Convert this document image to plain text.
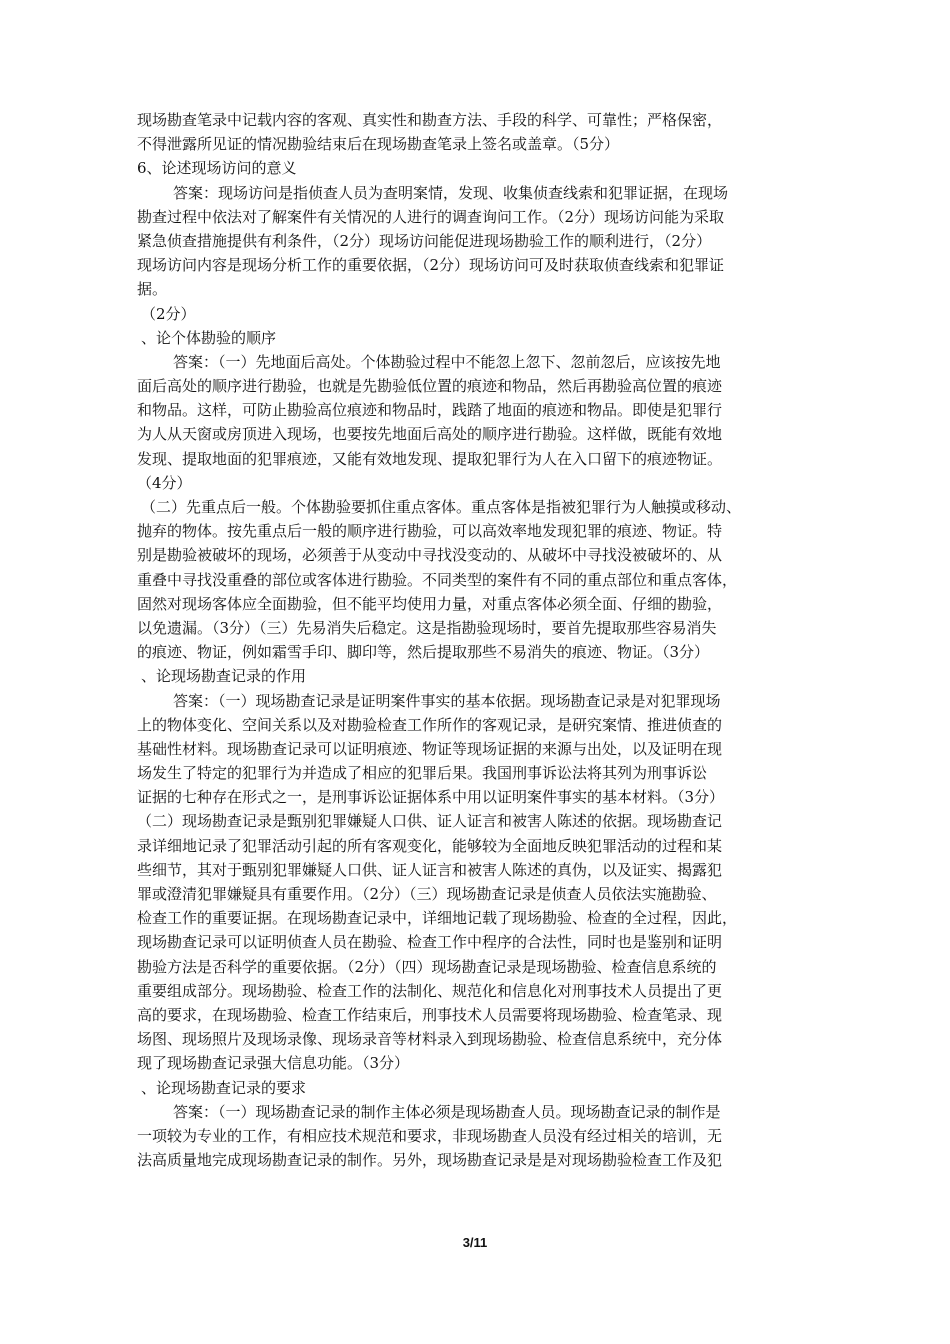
现场勘查笔录中记载内容的客观、真实性和勘查方法、手段的科学、可靠性；严格保密，
不得泄露所见证的情况勘验结束后在现场勘查笔录上签名或盖章。（5分）
6、论述现场访问的意义
答案：现场访问是指侦查人员为查明案情，发现、收集侦查线索和犯罪证据，在现场
勘查过程中依法对了解案件有关情况的人进行的调查询问工作。（2分）现场访问能为采取
紧急侦查措施提供有利条件，（2分）现场访问能促进现场勘验工作的顺利进行，（2分）
现场访问内容是现场分析工作的重要依据，（2分）现场访问可及时获取侦查线索和犯罪证
据。
（2分）
、论个体勘验的顺序
答案：（一）先地面后高处。个体勘验过程中不能忽上忽下、忽前忽后，应该按先地
面后高处的顺序进行勘验，也就是先勘验低位置的痕迹和物品，然后再勘验高位置的痕迹
和物品。这样，可防止勘验高位痕迹和物品时，践踏了地面的痕迹和物品。即使是犯罪行
为人从天窗或房顶进入现场，也要按先地面后高处的顺序进行勘验。这样做，既能有效地
发现、提取地面的犯罪痕迹，又能有效地发现、提取犯罪行为人在入口留下的痕迹物证。
（4分）
（二）先重点后一般。个体勘验要抓住重点客体。重点客体是指被犯罪行为人触摸或移动、
抛弃的物体。按先重点后一般的顺序进行勘验，可以高效率地发现犯罪的痕迹、物证。特
别是勘验被破坏的现场，必须善于从变动中寻找没变动的、从破坏中寻找没被破坏的、从
重叠中寻找没重叠的部位或客体进行勘验。不同类型的案件有不同的重点部位和重点客体，
固然对现场客体应全面勘验，但不能平均使用力量，对重点客体必须全面、仔细的勘验，
以免遗漏。（3分）（三）先易消失后稳定。这是指勘验现场时，要首先提取那些容易消失
的痕迹、物证，例如霜雪手印、脚印等，然后提取那些不易消失的痕迹、物证。（3分）
、论现场勘查记录的作用
答案：（一）现场勘查记录是证明案件事实的基本依据。现场勘查记录是对犯罪现场
上的物体变化、空间关系以及对勘验检查工作所作的客观记录，是研究案情、推进侦查的
基础性材料。现场勘查记录可以证明痕迹、物证等现场证据的来源与出处，以及证明在现
场发生了特定的犯罪行为并造成了相应的犯罪后果。我国刑事诉讼法将其列为刑事诉讼
证据的七种存在形式之一，是刑事诉讼证据体系中用以证明案件事实的基本材料。（3分）
（二）现场勘查记录是甄别犯罪嫌疑人口供、证人证言和被害人陈述的依据。现场勘查记
录详细地记录了犯罪活动引起的所有客观变化，能够较为全面地反映犯罪活动的过程和某
些细节，其对于甄别犯罪嫌疑人口供、证人证言和被害人陈述的真伪，以及证实、揭露犯
罪或澄清犯罪嫌疑具有重要作用。（2分）（三）现场勘查记录是侦查人员依法实施勘验、
检查工作的重要证据。在现场勘查记录中，详细地记载了现场勘验、检查的全过程，因此，
现场勘查记录可以证明侦查人员在勘验、检查工作中程序的合法性，同时也是鉴别和证明
勘验方法是否科学的重要依据。（2分）（四）现场勘查记录是现场勘验、检查信息系统的
重要组成部分。现场勘验、检查工作的法制化、规范化和信息化对刑事技术人员提出了更
高的要求，在现场勘验、检查工作结束后，刑事技术人员需要将现场勘验、检查笔录、现
场图、现场照片及现场录像、现场录音等材料录入到现场勘验、检查信息系统中，充分体
现了现场勘查记录强大信息功能。（3分）
、论现场勘查记录的要求
答案：（一）现场勘查记录的制作主体必须是现场勘查人员。现场勘查记录的制作是
一项较为专业的工作，有相应技术规范和要求，非现场勘查人员没有经过相关的培训，无
法高质量地完成现场勘查记录的制作。另外，现场勘查记录是是对现场勘验检查工作及犯
3/11
